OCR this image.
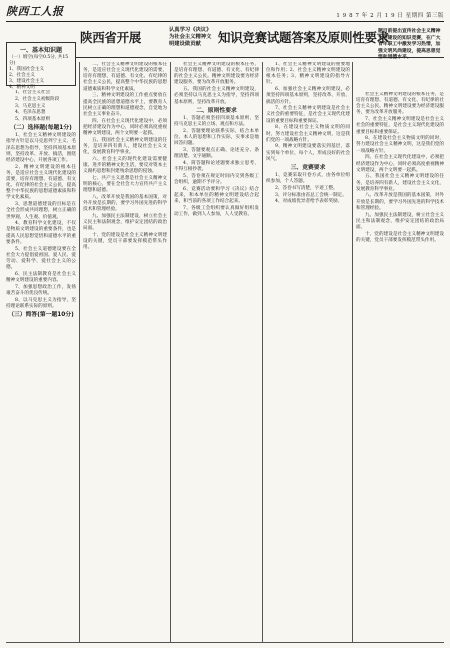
陕西工人报	1 9 8 7 年 2 月 1 9 日 星期四 第三版
陕西省开展	认真学习《决议》为社会主义精神文明建设做贡献	知识竞赛试题答案及原则性要求
题目前提出宣传社会主义精神文明建设的知识竞赛，在广大青年职工中激发学习热情，加强文明风尚建设，提高思想觉悟和道德水平。
一、基本知识题
（一）填空(每空0.5分, 共15分)
1、我国社会主义
2、社会主义
3、建设社会主义
4、精神文明

1、社会主义社会

2、社会主义初级阶段

3、马克思主义

4、毛泽东思想

5、四项基本原则

（二）选择题(每题1分)

1、社会主义精神文明建设的指导方针是以马克思列宁主义、毛泽东思想为指导，坚持四项基本原则，坚持改革、开放、搞活，围绕经济建设中心，开展各项工作。

2、精神文明建设的根本任务，是适应社会主义现代化建设的需要，培育有理想、有道德、有文化、有纪律的社会主义公民，提高整个中华民族的思想道德素质和科学文化素质。

3、思想道德建设的目标是在全社会形成共同理想，树立正确的世界观、人生观、价值观。

4、教育科学文化建设，不仅是物质文明建设的重要条件，也是提高人民思想觉悟和道德水平的重要条件。

5、社会主义道德建设要在全社会大力提倡爱祖国、爱人民、爱劳动、爱科学、爱社会主义的公德。

6、民主法制教育是社会主义精神文明建设的重要内容。

7、加强思想政治工作，发扬艰苦奋斗的优良传统。

8、以马克思主义为指导，坚持理论联系实际的原则。

（三）简答(第一题10分)

二、社会主义精神文明建设的根本任务，是适应社会主义现代化建设的需要，培育有理想、有道德、有文化、有纪律的社会主义公民，提高整个中华民族的思想道德素质和科学文化素质。

三、精神文明建设的工作重点要放在提高全民族的思想道德水平上，要教育人民树立正确的理想和道德观念，自觉地为社会主义事业奋斗。

四、在社会主义现代化建设中，必须把经济建设作为中心，同时必须高度重视精神文明建设，两个文明要一起抓。

五、我国社会主义精神文明建设的任务，是培养四有新人，建设社会主义文化，发展教育科学事业。

六、社会主义的现代化建设需要健康、进步的精神文化生活，要反对资本主义腐朽思想和封建残余思想的侵蚀。

七、共产主义思想是社会主义精神文明的核心，要在全社会大力宣传共产主义理想和道德。

八、改革开放是我国的基本国策，对外开放是长期的，要学习外国先进的科学技术和管理经验。

九、加强民主法制建设，树立社会主义民主和法制观念，维护安定团结的政治局面。

十、党的建设是社会主义精神文明建设的关键，党员干部要发挥模范带头作用。

社会主义精神文明建设的根本任务，是培育有理想、有道德、有文化、有纪律的社会主义公民。精神文明建设要为经济建设服务，要为改革开放服务。

五、我国的社会主义精神文明建设，必须坚持以马克思主义为指导，坚持四项基本原则，坚持改革开放。

二、原则性要求

1、答题必须坚持四项基本原则，坚持马克思主义的立场、观点和方法。

2、答题要理论联系实际，结合本单位、本人的思想和工作实际，实事求是地回答问题。

3、答题要观点正确、论述充分、条理清楚、文字通顺。

4、简答题和论述题要求独立思考，不得互相抄袭。

5、答卷须在规定时间内交到各级工会组织，逾期不予评分。

6、竞赛活动要和学习《决议》结合起来，和本单位的精神文明建设结合起来，和当前的各项工作结合起来。

7、各级工会组织要认真做好组织发动工作，做到人人参加，人人受教育。

1、社会主义精神文明建设的重要地位和作用；2、社会主义精神文明建设的根本任务；3、精神文明建设的指导方针。

6、加强社会主义精神文明建设，必须坚持四项基本原则，坚持改革、开放、搞活的方针。

7、社会主义精神文明建设是社会主义社会的重要特征，是社会主义现代化建设的重要目标和重要保证。

8、在建设社会主义物质文明的同时，努力建设社会主义精神文明，这是我们党的一项战略方针。

9、精神文明建设要落实到基层，落实到每个单位、每个人，形成良好的社会风气。

三、竞赛要求

1、竞赛采取开卷方式，由各单位组织参加，个人答题。

2、答卷书写清楚，字迹工整。

3、评分标准由省总工会统一制定。

4、对成绩优异者给予表彰奖励。

社会主义精神文明建设的根本任务，是培育有理想、有道德、有文化、有纪律的社会主义公民。精神文明建设要为经济建设服务，要为改革开放服务。

7、社会主义精神文明建设是社会主义社会的重要特征，是社会主义现代化建设的重要目标和重要保证。

8、在建设社会主义物质文明的同时，努力建设社会主义精神文明，这是我们党的一项战略方针。

四、在社会主义现代化建设中，必须把经济建设作为中心，同时必须高度重视精神文明建设，两个文明要一起抓。

五、我国社会主义精神文明建设的任务，是培养四有新人，建设社会主义文化，发展教育科学事业。

八、改革开放是我国的基本国策，对外开放是长期的，要学习外国先进的科学技术和管理经验。

九、加强民主法制建设，树立社会主义民主和法制观念，维护安定团结的政治局面。

十、党的建设是社会主义精神文明建设的关键，党员干部要发挥模范带头作用。
